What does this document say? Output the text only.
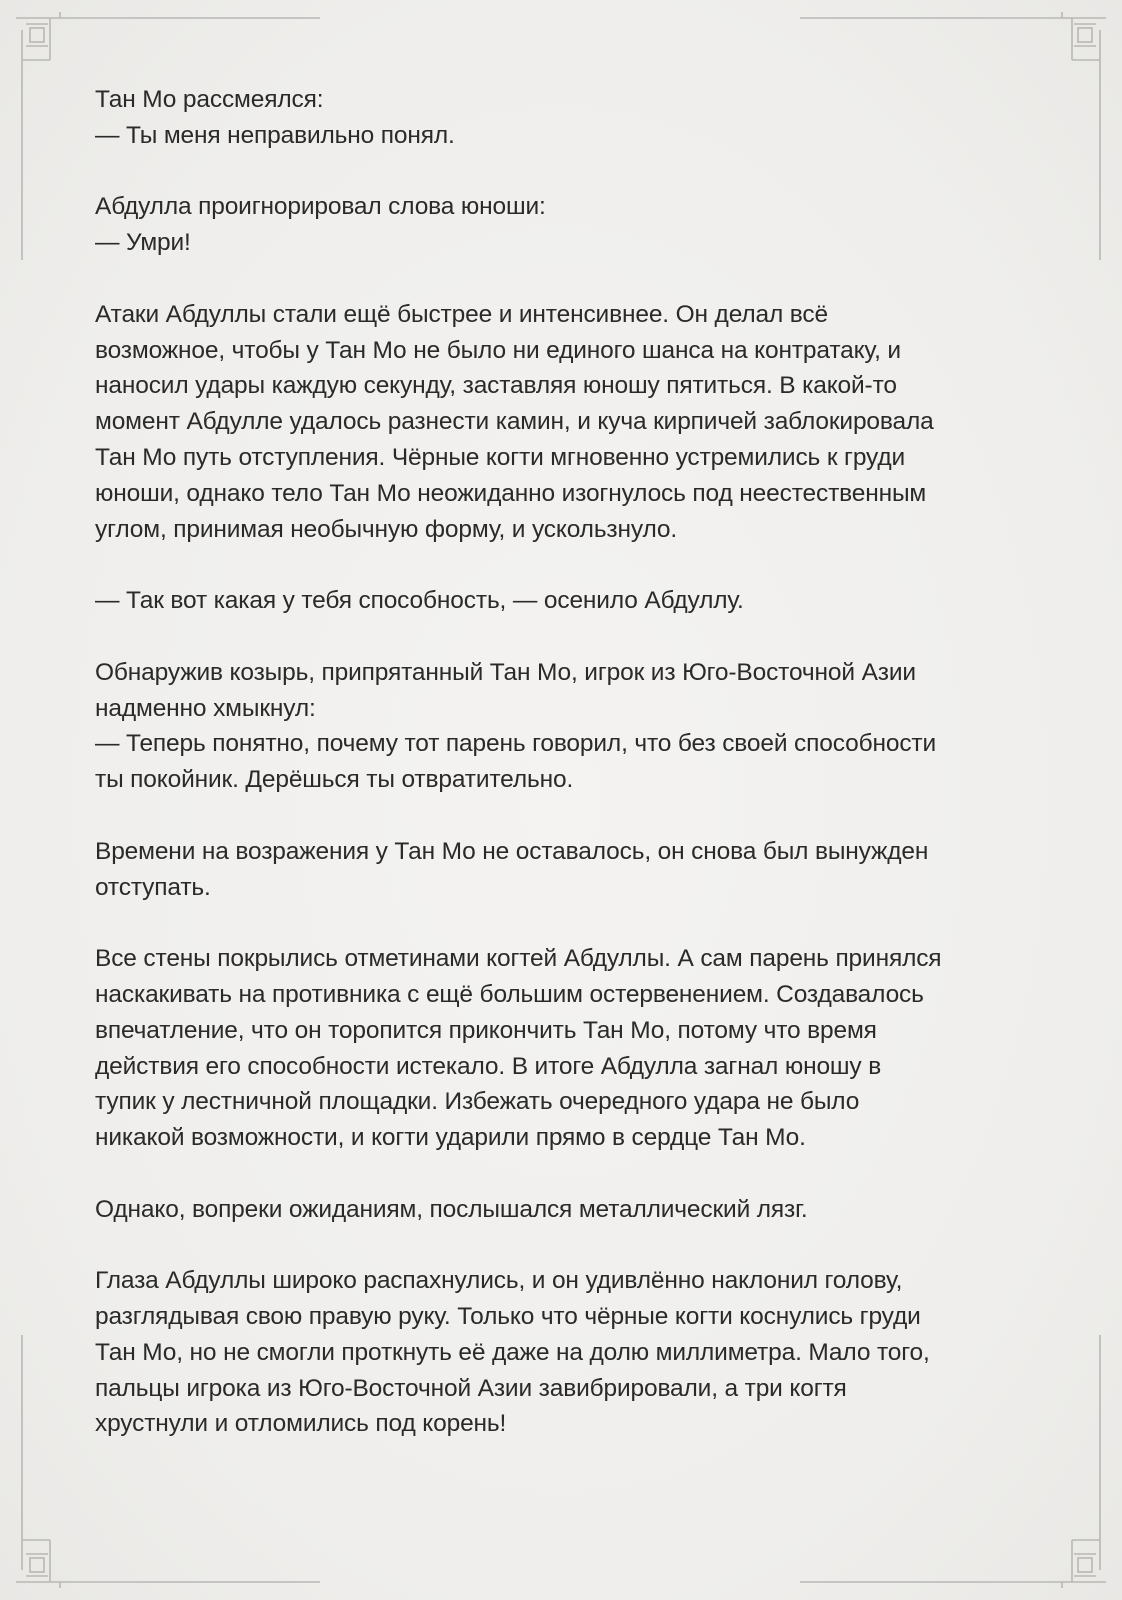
Тан Мо рассмеялся:
— Ты меня неправильно понял.

Абдулла проигнорировал слова юноши:
— Умри!

Атаки Абдуллы стали ещё быстрее и интенсивнее. Он делал всё
возможное, чтобы у Тан Мо не было ни единого шанса на контратаку, и
наносил удары каждую секунду, заставляя юношу пятиться. В какой-то
момент Абдулле удалось разнести камин, и куча кирпичей заблокировала
Тан Мо путь отступления. Чёрные когти мгновенно устремились к груди
юноши, однако тело Тан Мо неожиданно изогнулось под неестественным
углом, принимая необычную форму, и ускользнуло.

— Так вот какая у тебя способность, — осенило Абдуллу.

Обнаружив козырь, припрятанный Тан Мо, игрок из Юго-Восточной Азии
надменно хмыкнул:
— Теперь понятно, почему тот парень говорил, что без своей способности
ты покойник. Дерёшься ты отвратительно.

Времени на возражения у Тан Мо не оставалось, он снова был вынужден
отступать.

Все стены покрылись отметинами когтей Абдуллы. А сам парень принялся
наскакивать на противника с ещё большим остервенением. Создавалось
впечатление, что он торопится прикончить Тан Мо, потому что время
действия его способности истекало. В итоге Абдулла загнал юношу в
тупик у лестничной площадки. Избежать очередного удара не было
никакой возможности, и когти ударили прямо в сердце Тан Мо.

Однако, вопреки ожиданиям, послышался металлический лязг.

Глаза Абдуллы широко распахнулись, и он удивлённо наклонил голову,
разглядывая свою правую руку. Только что чёрные когти коснулись груди
Тан Мо, но не смогли проткнуть её даже на долю миллиметра. Мало того,
пальцы игрока из Юго-Восточной Азии завибрировали, а три когтя
хрустнули и отломились под корень!
